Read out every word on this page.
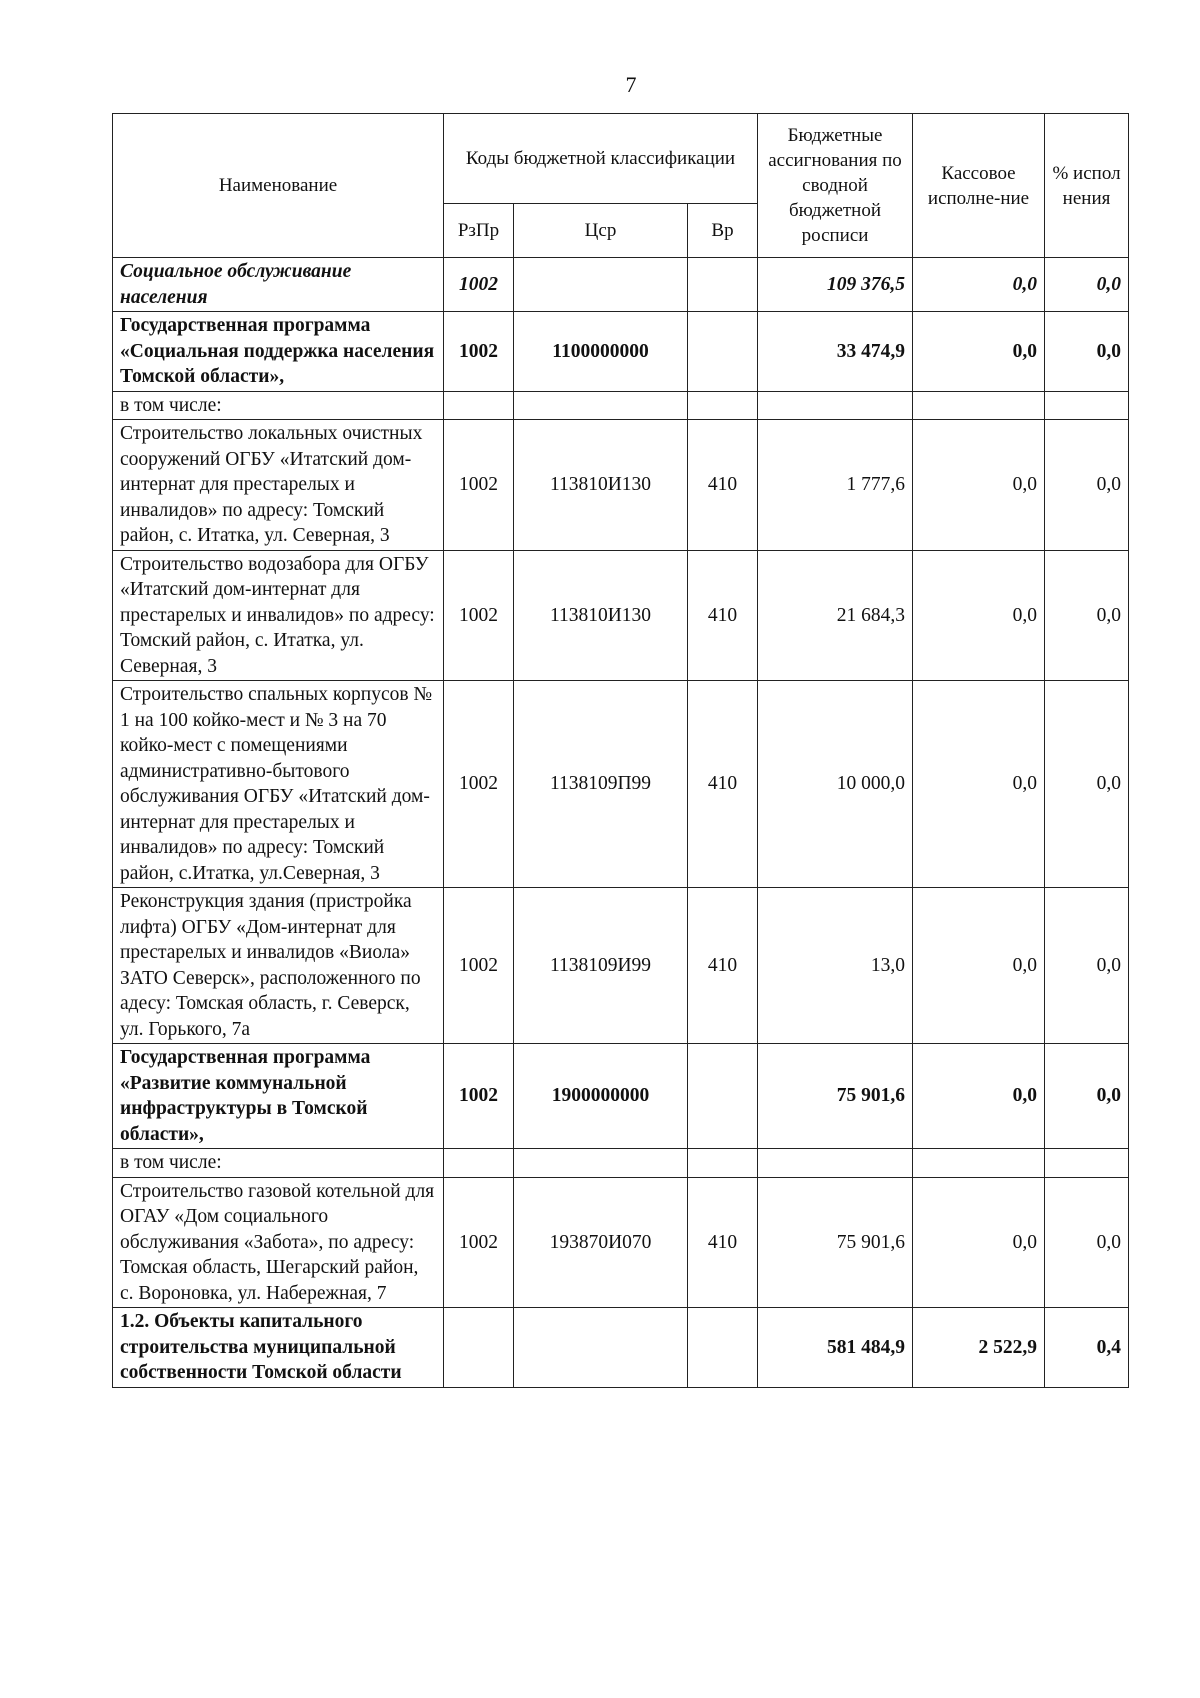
7
Наименование	Коды бюджетной классификации			Бюджетные ассигнования по сводной бюджетной росписи	Кассовое исполне-ние	% испол нения
	РзПр	Цср	Вр			
Социальное обслуживание населения	1002			109 376,5	0,0	0,0
Государственная программа «Социальная поддержка населения Томской области»,	1002	1100000000		33 474,9	0,0	0,0
в том числе:						
Строительство локальных очистных сооружений ОГБУ «Итатский дом-интернат для престарелых и инвалидов» по адресу: Томский район, с. Итатка, ул. Северная, 3	1002	113810И130	410	1 777,6	0,0	0,0
Строительство водозабора для ОГБУ «Итатский дом-интернат для престарелых и инвалидов» по адресу: Томский район, с. Итатка, ул. Северная, 3	1002	113810И130	410	21 684,3	0,0	0,0
Строительство спальных корпусов № 1 на 100 койко-мест и № 3 на 70 койко-мест с помещениями административно-бытового обслуживания ОГБУ «Итатский дом-интернат для престарелых и инвалидов» по адресу: Томский район, с.Итатка, ул.Северная, 3	1002	1138109П99	410	10 000,0	0,0	0,0
Реконструкция здания (пристройка лифта) ОГБУ «Дом-интернат для престарелых и инвалидов «Виола» ЗАТО Северск», расположенного по адесу: Томская область, г. Северск, ул. Горького, 7а	1002	1138109И99	410	13,0	0,0	0,0
Государственная программа «Развитие коммунальной инфраструктуры в Томской области»,	1002	1900000000		75 901,6	0,0	0,0
в том числе:						
Строительство газовой котельной для ОГАУ «Дом социального обслуживания «Забота», по адресу: Томская область, Шегарский район, с. Вороновка, ул. Набережная, 7	1002	193870И070	410	75 901,6	0,0	0,0
1.2. Объекты капитального строительства муниципальной собственности Томской области				581 484,9	2 522,9	0,4
